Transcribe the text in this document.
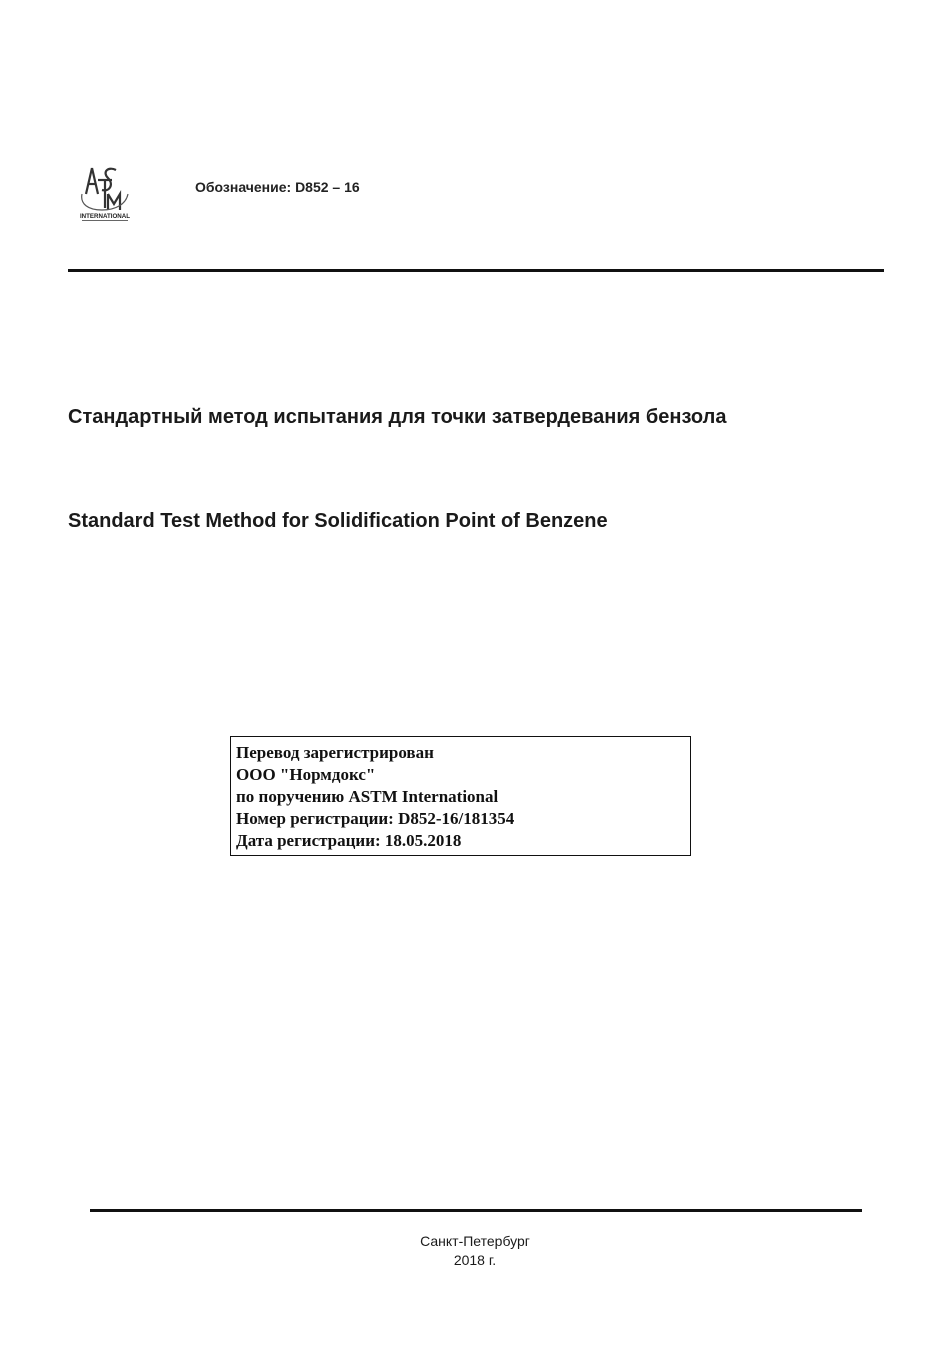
INTERNATIONAL
Обозначение: D852 – 16
Стандартный метод испытания для точки затвердевания бензола
Standard Test Method for Solidification Point of Benzene
Перевод зарегистрирован
ООО "Нормдокс"
по поручению ASTM International
Номер регистрации: D852-16/181354
Дата регистрации: 18.05.2018
Санкт-Петербург
2018 г.
